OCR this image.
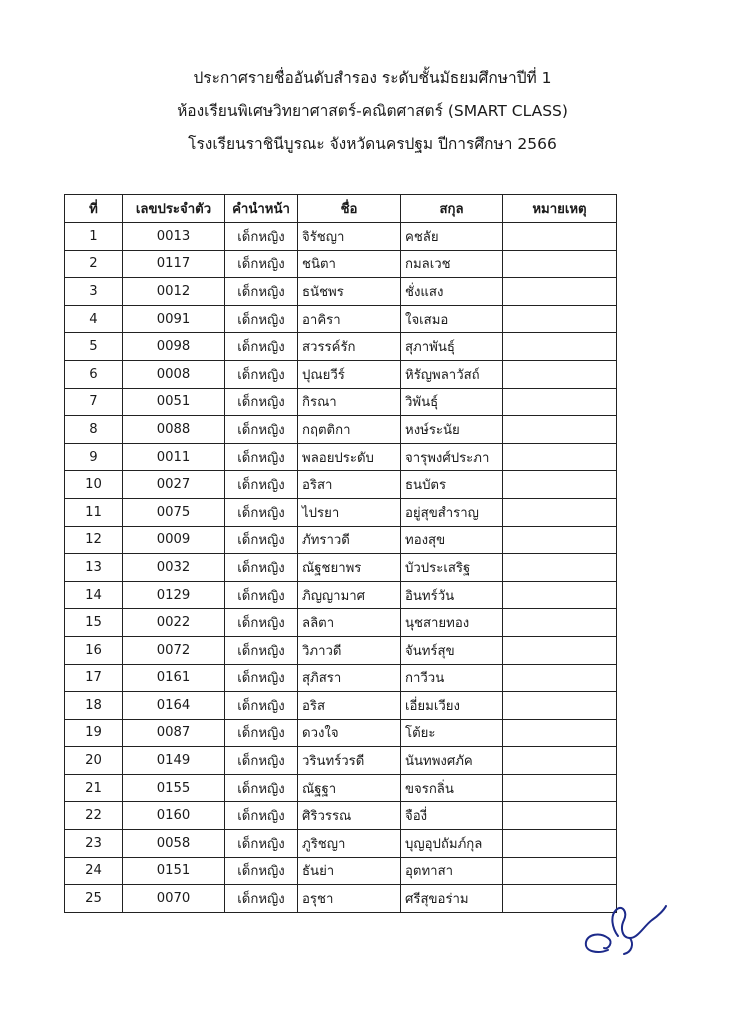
ประกาศรายชื่ออันดับสำรอง ระดับชั้นมัธยมศึกษาปีที่ 1
ห้องเรียนพิเศษวิทยาศาสตร์-คณิตศาสตร์ (SMART CLASS)
โรงเรียนราชินีบูรณะ จังหวัดนครปฐม ปีการศึกษา 2566
ที่	เลขประจำตัว	คำนำหน้า	ชื่อ	สกุล	หมายเหตุ
1	0013	เด็กหญิง	จิรัชญา	คชลัย	
2	0117	เด็กหญิง	ชนิตา	กมลเวช	
3	0012	เด็กหญิง	ธนัชพร	ชั่งแสง	
4	0091	เด็กหญิง	อาคิรา	ใจเสมอ	
5	0098	เด็กหญิง	สวรรค์รัก	สุภาพันธุ์	
6	0008	เด็กหญิง	ปุณยวีร์	หิรัญพลาวัสถ์	
7	0051	เด็กหญิง	กิรณา	วิพันธุ์	
8	0088	เด็กหญิง	กฤตติกา	หงษ์ระนัย	
9	0011	เด็กหญิง	พลอยประดับ	จารุพงศ์ประภา	
10	0027	เด็กหญิง	อริสา	ธนบัตร	
11	0075	เด็กหญิง	ไปรยา	อยู่สุขสำราญ	
12	0009	เด็กหญิง	ภัทราวดี	ทองสุข	
13	0032	เด็กหญิง	ณัฐชยาพร	บัวประเสริฐ	
14	0129	เด็กหญิง	ภิญญามาศ	อินทร์วัน	
15	0022	เด็กหญิง	ลลิตา	นุชสายทอง	
16	0072	เด็กหญิง	วิภาวดี	จันทร์สุข	
17	0161	เด็กหญิง	สุภิสรา	กาวีวน	
18	0164	เด็กหญิง	อริส	เอี่ยมเวียง	
19	0087	เด็กหญิง	ดวงใจ	โต้ยะ	
20	0149	เด็กหญิง	วรินทร์วรดี	นันทพงศภัค	
21	0155	เด็กหญิง	ณัฐฐา	ขจรกลิ่น	
22	0160	เด็กหญิง	ศิริวรรณ	จืองี่	
23	0058	เด็กหญิง	ภูริชญา	บุญอุปถัมภ์กุล	
24	0151	เด็กหญิง	ธันย่า	อุตทาสา	
25	0070	เด็กหญิง	อรุชา	ศรีสุขอร่าม	
